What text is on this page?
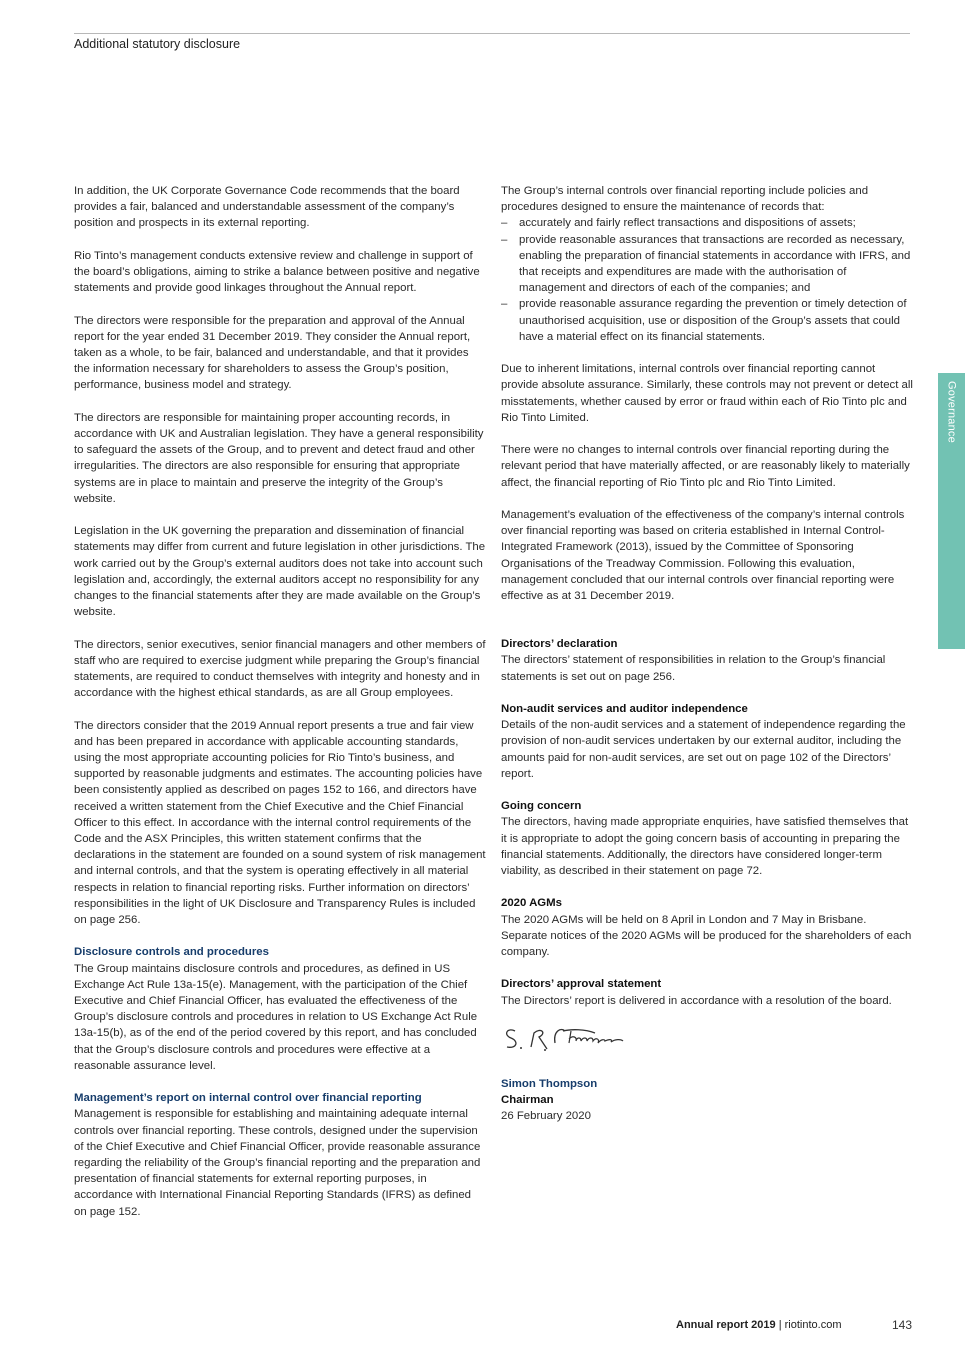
Additional statutory disclosure

In addition, the UK Corporate Governance Code recommends that the board provides a fair, balanced and understandable assessment of the company’s position and prospects in its external reporting.

Rio Tinto’s management conducts extensive review and challenge in support of the board’s obligations, aiming to strike a balance between positive and negative statements and provide good linkages throughout the Annual report.

The directors were responsible for the preparation and approval of the Annual report for the year ended 31 December 2019. They consider the Annual report, taken as a whole, to be fair, balanced and understandable, and that it provides the information necessary for shareholders to assess the Group’s position, performance, business model and strategy.

The directors are responsible for maintaining proper accounting records, in accordance with UK and Australian legislation. They have a general responsibility to safeguard the assets of the Group, and to prevent and detect fraud and other irregularities. The directors are also responsible for ensuring that appropriate systems are in place to maintain and preserve the integrity of the Group’s website.

Legislation in the UK governing the preparation and dissemination of financial statements may differ from current and future legislation in other jurisdictions. The work carried out by the Group’s external auditors does not take into account such legislation and, accordingly, the external auditors accept no responsibility for any changes to the financial statements after they are made available on the Group’s website.

The directors, senior executives, senior financial managers and other members of staff who are required to exercise judgment while preparing the Group’s financial statements, are required to conduct themselves with integrity and honesty and in accordance with the highest ethical standards, as are all Group employees.

The directors consider that the 2019 Annual report presents a true and fair view and has been prepared in accordance with applicable accounting standards, using the most appropriate accounting policies for Rio Tinto’s business, and supported by reasonable judgments and estimates. The accounting policies have been consistently applied as described on pages 152 to 166, and directors have received a written statement from the Chief Executive and the Chief Financial Officer to this effect. In accordance with the internal control requirements of the Code and the ASX Principles, this written statement confirms that the declarations in the statement are founded on a sound system of risk management and internal controls, and that the system is operating effectively in all material respects in relation to financial reporting risks. Further information on directors’ responsibilities in the light of UK Disclosure and Transparency Rules is included on page 256.

Disclosure controls and procedures

The Group maintains disclosure controls and procedures, as defined in US Exchange Act Rule 13a-15(e). Management, with the participation of the Chief Executive and Chief Financial Officer, has evaluated the effectiveness of the Group’s disclosure controls and procedures in relation to US Exchange Act Rule 13a-15(b), as of the end of the period covered by this report, and has concluded that the Group’s disclosure controls and procedures were effective at a reasonable assurance level.

Management’s report on internal control over financial reporting

Management is responsible for establishing and maintaining adequate internal controls over financial reporting. These controls, designed under the supervision of the Chief Executive and Chief Financial Officer, provide reasonable assurance regarding the reliability of the Group’s financial reporting and the preparation and presentation of financial statements for external reporting purposes, in accordance with International Financial Reporting Standards (IFRS) as defined on page 152.

The Group’s internal controls over financial reporting include policies and procedures designed to ensure the maintenance of records that:
– accurately and fairly reflect transactions and dispositions of assets;
– provide reasonable assurances that transactions are recorded as necessary, enabling the preparation of financial statements in accordance with IFRS, and that receipts and expenditures are made with the authorisation of management and directors of each of the companies; and
– provide reasonable assurance regarding the prevention or timely detection of unauthorised acquisition, use or disposition of the Group’s assets that could have a material effect on its financial statements.

Due to inherent limitations, internal controls over financial reporting cannot provide absolute assurance. Similarly, these controls may not prevent or detect all misstatements, whether caused by error or fraud within each of Rio Tinto plc and Rio Tinto Limited.

There were no changes to internal controls over financial reporting during the relevant period that have materially affected, or are reasonably likely to materially affect, the financial reporting of Rio Tinto plc and Rio Tinto Limited.

Management’s evaluation of the effectiveness of the company’s internal controls over financial reporting was based on criteria established in Internal Control-Integrated Framework (2013), issued by the Committee of Sponsoring Organisations of the Treadway Commission. Following this evaluation, management concluded that our internal controls over financial reporting were effective as at 31 December 2019.

Directors’ declaration

The directors’ statement of responsibilities in relation to the Group’s financial statements is set out on page 256.

Non-audit services and auditor independence

Details of the non-audit services and a statement of independence regarding the provision of non-audit services undertaken by our external auditor, including the amounts paid for non-audit services, are set out on page 102 of the Directors’ report.

Going concern

The directors, having made appropriate enquiries, have satisfied themselves that it is appropriate to adopt the going concern basis of accounting in preparing the financial statements. Additionally, the directors have considered longer-term viability, as described in their statement on page 72.

2020 AGMs

The 2020 AGMs will be held on 8 April in London and 7 May in Brisbane. Separate notices of the 2020 AGMs will be produced for the shareholders of each company.

Directors’ approval statement
The Directors’ report is delivered in accordance with a resolution of the board.
Simon Thompson
Chairman
26 February 2020
Governance
Annual report 2019 | riotinto.com	143
